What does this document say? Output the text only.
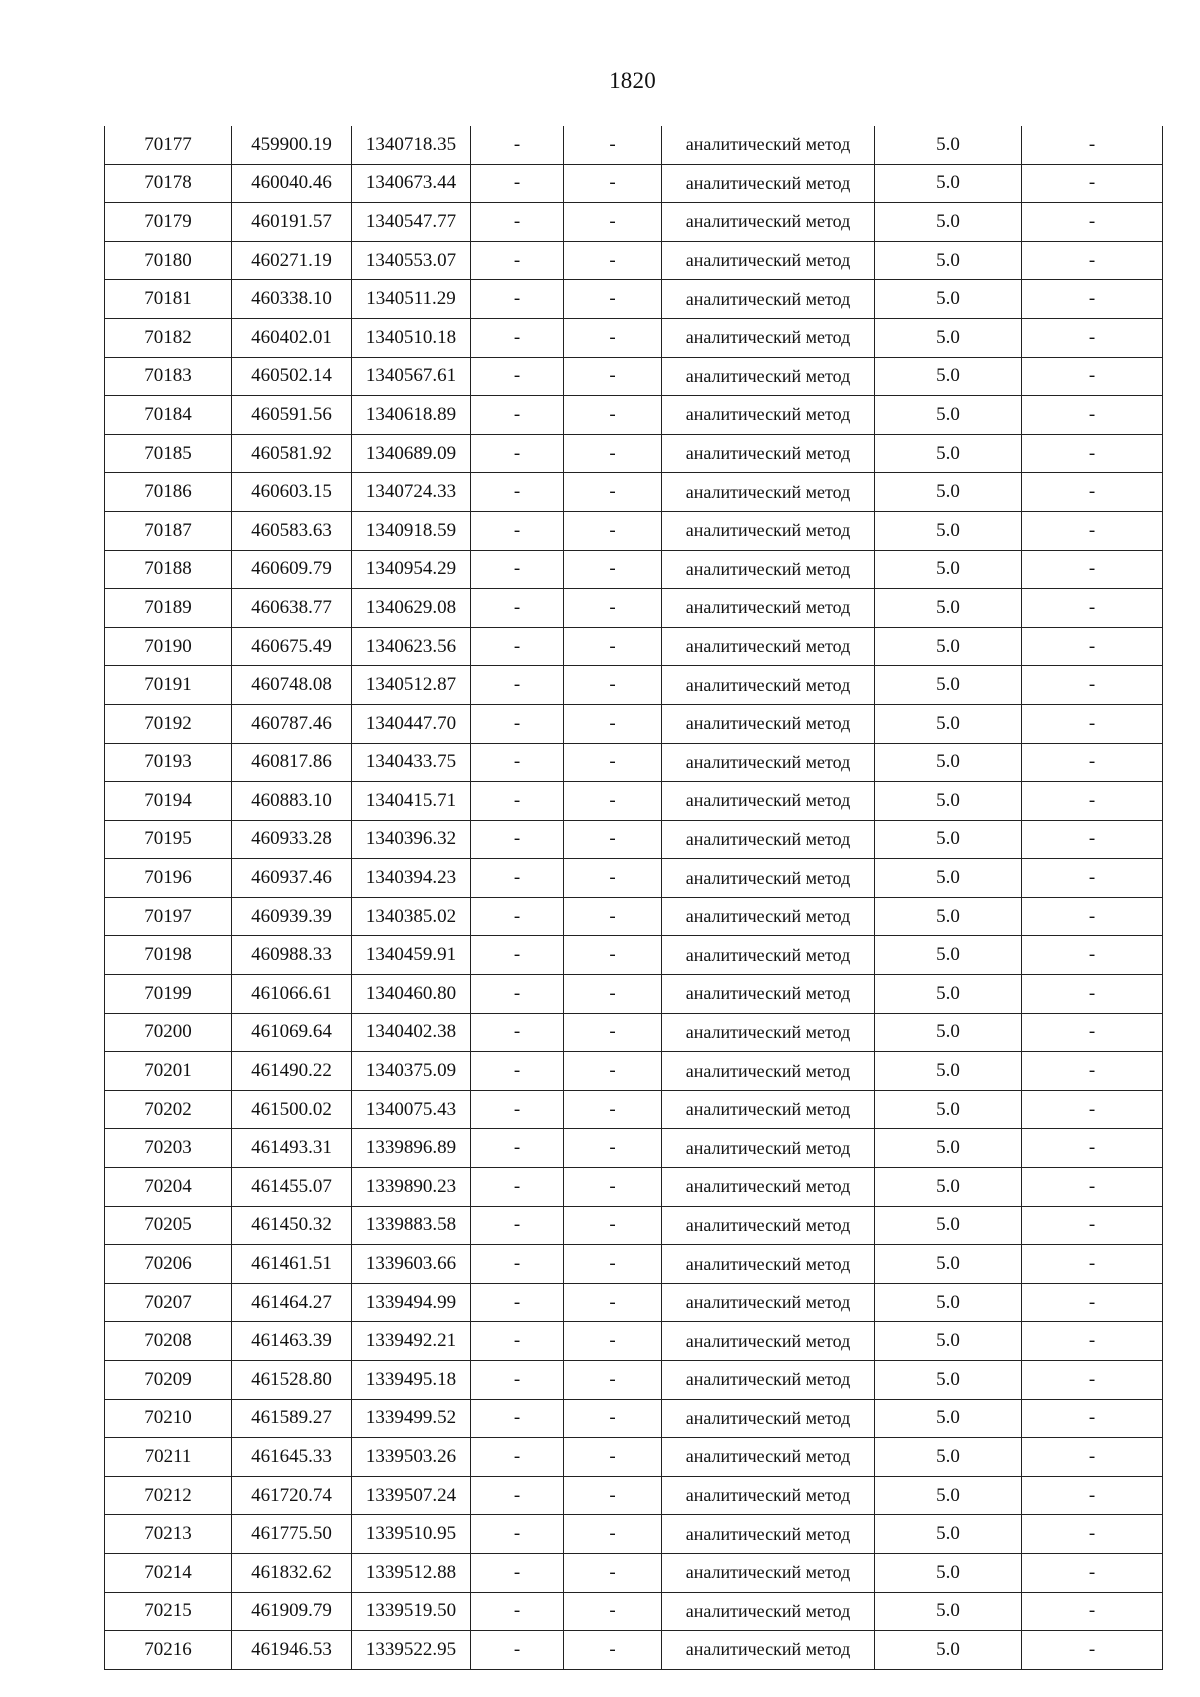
1820
70177	459900.19	1340718.35	-	-	аналитический метод	5.0	-
70178	460040.46	1340673.44	-	-	аналитический метод	5.0	-
70179	460191.57	1340547.77	-	-	аналитический метод	5.0	-
70180	460271.19	1340553.07	-	-	аналитический метод	5.0	-
70181	460338.10	1340511.29	-	-	аналитический метод	5.0	-
70182	460402.01	1340510.18	-	-	аналитический метод	5.0	-
70183	460502.14	1340567.61	-	-	аналитический метод	5.0	-
70184	460591.56	1340618.89	-	-	аналитический метод	5.0	-
70185	460581.92	1340689.09	-	-	аналитический метод	5.0	-
70186	460603.15	1340724.33	-	-	аналитический метод	5.0	-
70187	460583.63	1340918.59	-	-	аналитический метод	5.0	-
70188	460609.79	1340954.29	-	-	аналитический метод	5.0	-
70189	460638.77	1340629.08	-	-	аналитический метод	5.0	-
70190	460675.49	1340623.56	-	-	аналитический метод	5.0	-
70191	460748.08	1340512.87	-	-	аналитический метод	5.0	-
70192	460787.46	1340447.70	-	-	аналитический метод	5.0	-
70193	460817.86	1340433.75	-	-	аналитический метод	5.0	-
70194	460883.10	1340415.71	-	-	аналитический метод	5.0	-
70195	460933.28	1340396.32	-	-	аналитический метод	5.0	-
70196	460937.46	1340394.23	-	-	аналитический метод	5.0	-
70197	460939.39	1340385.02	-	-	аналитический метод	5.0	-
70198	460988.33	1340459.91	-	-	аналитический метод	5.0	-
70199	461066.61	1340460.80	-	-	аналитический метод	5.0	-
70200	461069.64	1340402.38	-	-	аналитический метод	5.0	-
70201	461490.22	1340375.09	-	-	аналитический метод	5.0	-
70202	461500.02	1340075.43	-	-	аналитический метод	5.0	-
70203	461493.31	1339896.89	-	-	аналитический метод	5.0	-
70204	461455.07	1339890.23	-	-	аналитический метод	5.0	-
70205	461450.32	1339883.58	-	-	аналитический метод	5.0	-
70206	461461.51	1339603.66	-	-	аналитический метод	5.0	-
70207	461464.27	1339494.99	-	-	аналитический метод	5.0	-
70208	461463.39	1339492.21	-	-	аналитический метод	5.0	-
70209	461528.80	1339495.18	-	-	аналитический метод	5.0	-
70210	461589.27	1339499.52	-	-	аналитический метод	5.0	-
70211	461645.33	1339503.26	-	-	аналитический метод	5.0	-
70212	461720.74	1339507.24	-	-	аналитический метод	5.0	-
70213	461775.50	1339510.95	-	-	аналитический метод	5.0	-
70214	461832.62	1339512.88	-	-	аналитический метод	5.0	-
70215	461909.79	1339519.50	-	-	аналитический метод	5.0	-
70216	461946.53	1339522.95	-	-	аналитический метод	5.0	-
